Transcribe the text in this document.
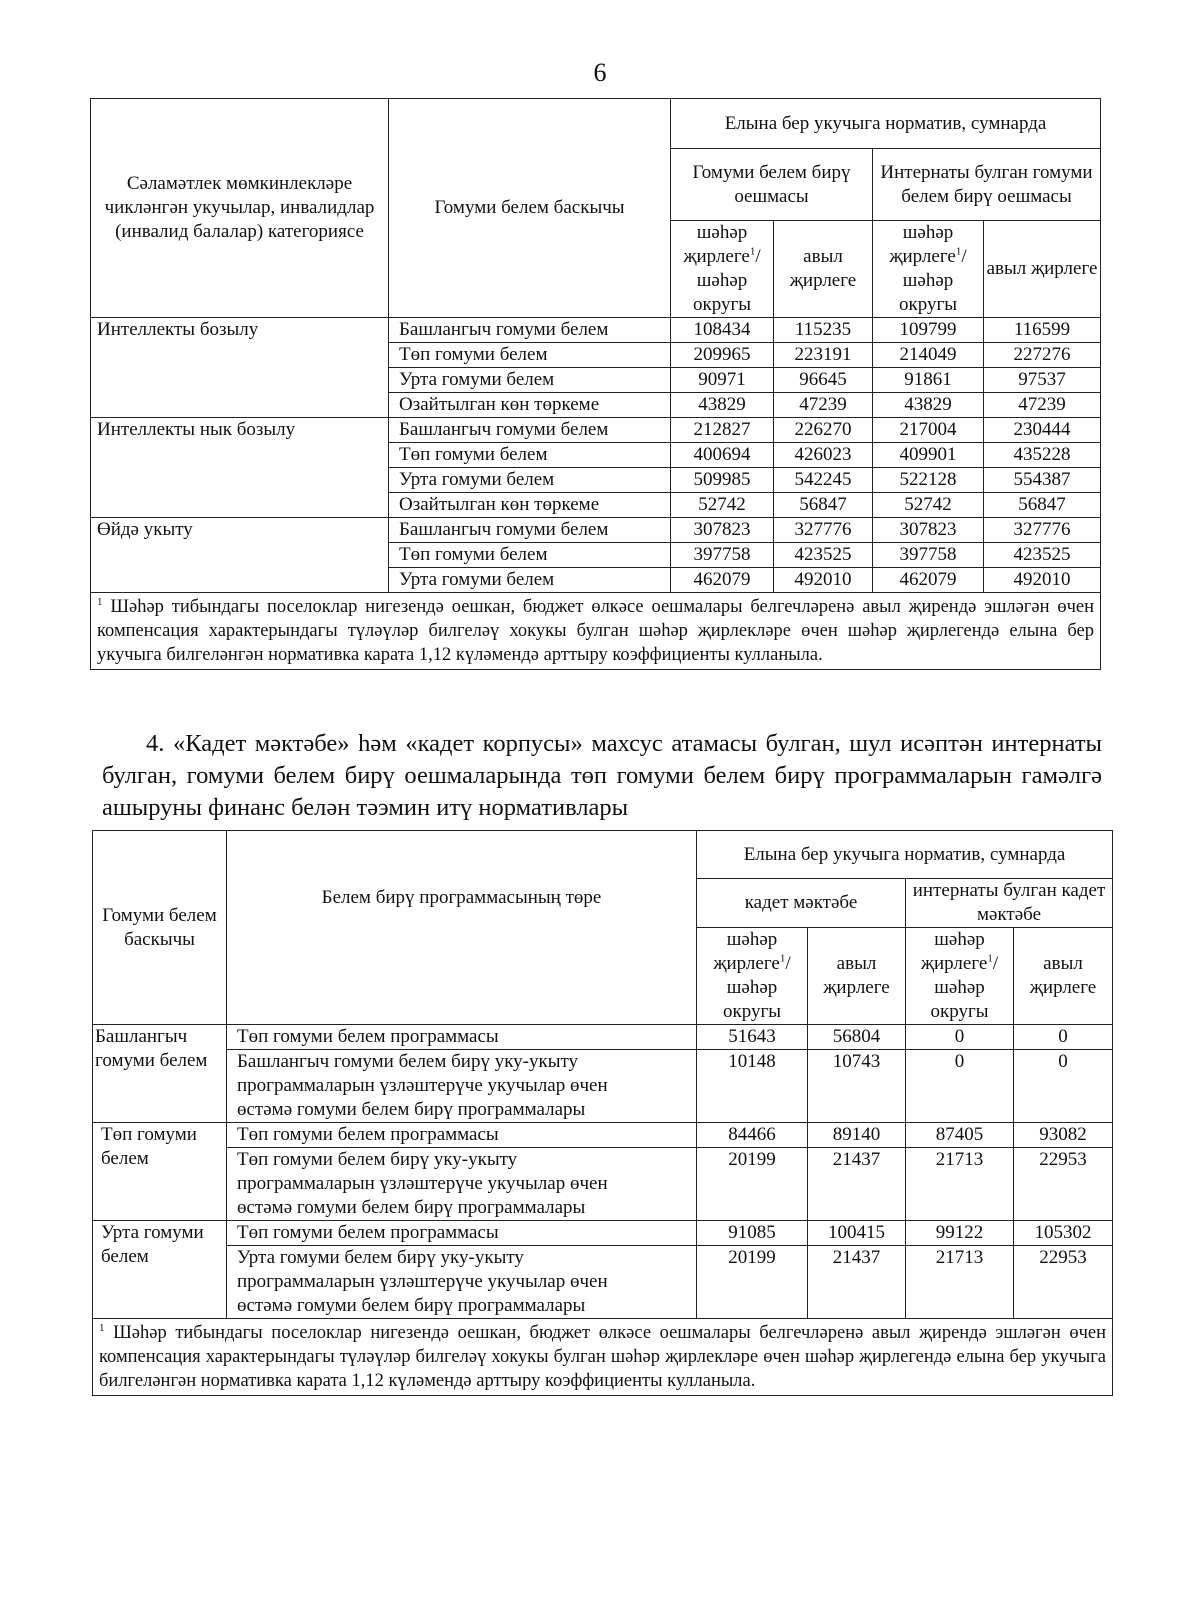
6
Сәламәтлек мөмкинлекләре чикләнгән укучылар, инвалидлар (инвалид балалар) категориясе	Гомуми белем баскычы	Елына бер укучыга норматив, сумнарда			
		Гомуми белем бирү оешмасы		Интернаты булган гомуми белем бирү оешмасы	
		шәһәр җирлеге$^1$/ шәһәр округы	авыл җирлеге	шәһәр җирлеге$^1$/ шәһәр округы	авыл җирлеге
Интеллекты бозылу	Башлангыч гомуми белем	108434	115235	109799	116599
	Төп гомуми белем	209965	223191	214049	227276
	Урта гомуми белем	90971	96645	91861	97537
	Озайтылган көн төркеме	43829	47239	43829	47239
Интеллекты нык бозылу	Башлангыч гомуми белем	212827	226270	217004	230444
	Төп гомуми белем	400694	426023	409901	435228
	Урта гомуми белем	509985	542245	522128	554387
	Озайтылган көн төркеме	52742	56847	52742	56847
Өйдә укыту	Башлангыч гомуми белем	307823	327776	307823	327776
	Төп гомуми белем	397758	423525	397758	423525
	Урта гомуми белем	462079	492010	462079	492010
$^1$ Шәһәр тибындагы поселоклар нигезендә оешкан, бюджет өлкәсе оешмалары белгечләренә авыл җирендә эшләгән өчен компенсация характерындагы түләүләр билгеләү хокукы булган шәһәр җирлекләре өчен шәһәр җирлегендә елына бер укучыга билгеләнгән нормативка карата 1,12 күләмендә арттыру коэффициенты кулланыла.					
4. «Кадет мәктәбе» һәм «кадет корпусы» махсус атамасы булган, шул исәптән интернаты булган, гомуми белем бирү оешмаларында төп гомуми белем бирү программаларын гамәлгә ашыруны финанс белән тәэмин итү нормативлары
Гомуми белем баскычы	Белем бирү программасының төре	Елына бер укучыга норматив, сумнарда			
		кадет мәктәбе		интернаты булган кадет мәктәбе	
		шәһәр җирлеге$^1$/ шәһәр округы	авыл җирлеге	шәһәр җирлеге$^1$/ шәһәр округы	авыл җирлеге
Башлангыч гомуми белем	Төп гомуми белем программасы	51643	56804	0	0
	Башлангыч гомуми белем бирү уку-укыту программаларын үзләштерүче укучылар өчен өстәмә гомуми белем бирү программалары	10148	10743	0	0
Төп гомуми белем	Төп гомуми белем программасы	84466	89140	87405	93082
	Төп гомуми белем бирү уку-укыту программаларын үзләштерүче укучылар өчен өстәмә гомуми белем бирү программалары	20199	21437	21713	22953
Урта гомуми белем	Төп гомуми белем программасы	91085	100415	99122	105302
	Урта гомуми белем бирү уку-укыту программаларын үзләштерүче укучылар өчен өстәмә гомуми белем бирү программалары	20199	21437	21713	22953
$^1$ Шәһәр тибындагы поселоклар нигезендә оешкан, бюджет өлкәсе оешмалары белгечләренә авыл җирендә эшләгән өчен компенсация характерындагы түләүләр билгеләү хокукы булган шәһәр җирлекләре өчен шәһәр җирлегендә елына бер укучыга билгеләнгән нормативка карата 1,12 күләмендә арттыру коэффициенты кулланыла.					
